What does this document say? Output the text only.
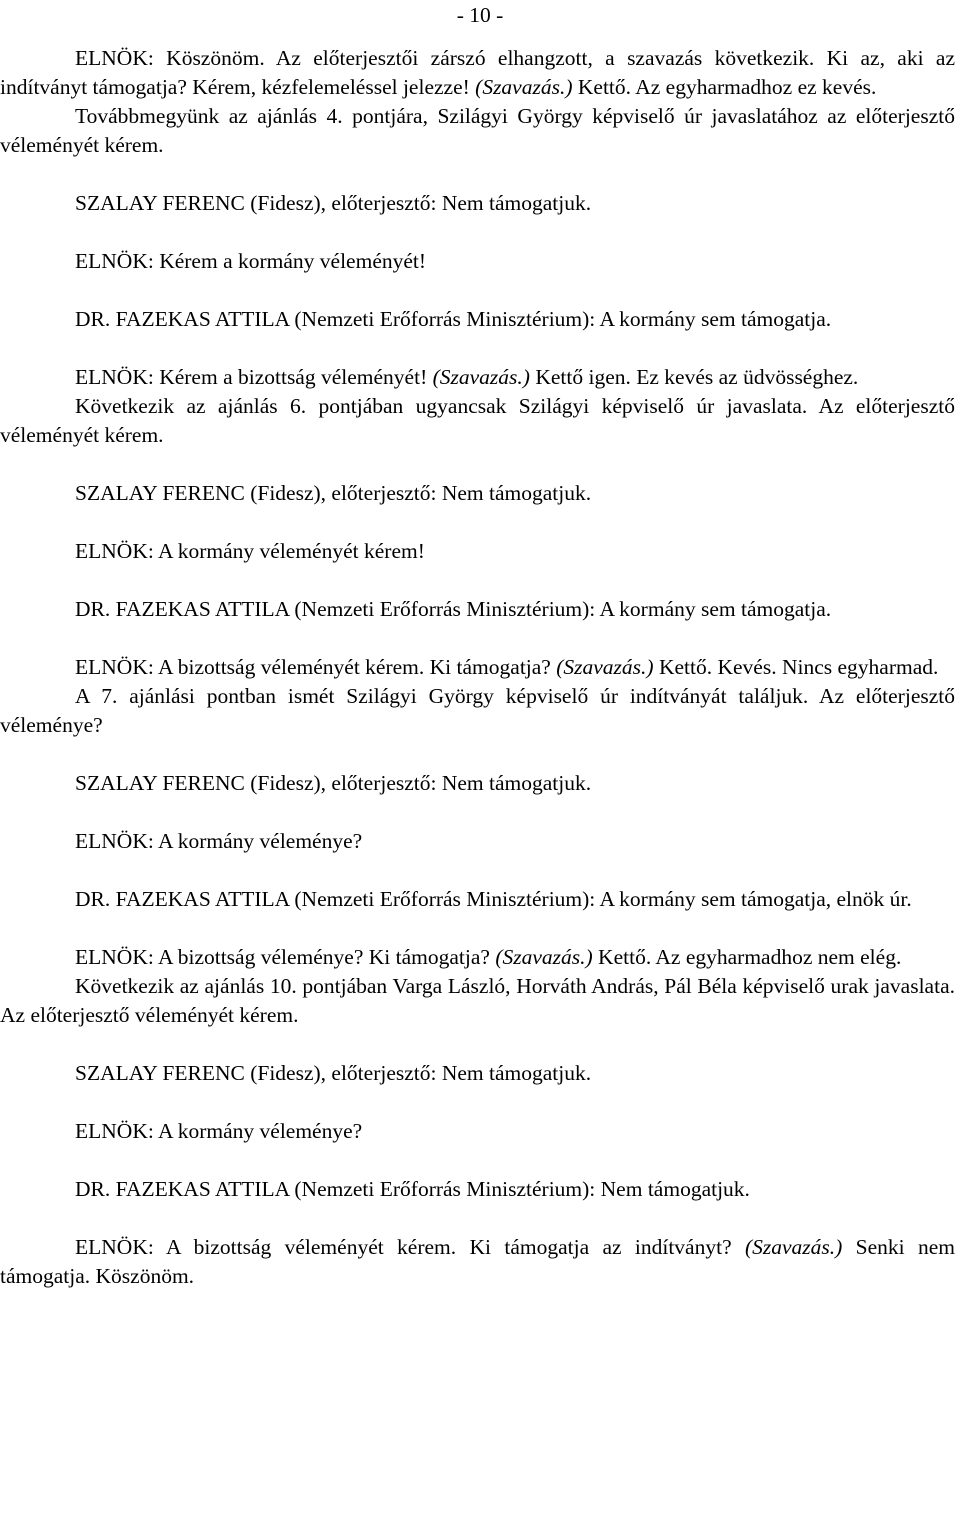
- 10 -

ELNÖK: Köszönöm. Az előterjesztői zárszó elhangzott, a szavazás következik. Ki az, aki az indítványt támogatja? Kérem, kézfelemeléssel jelezze! (Szavazás.) Kettő. Az egyharmadhoz ez kevés.

Továbbmegyünk az ajánlás 4. pontjára, Szilágyi György képviselő úr javaslatához az előterjesztő véleményét kérem.

SZALAY FERENC (Fidesz), előterjesztő: Nem támogatjuk.

ELNÖK: Kérem a kormány véleményét!

DR. FAZEKAS ATTILA (Nemzeti Erőforrás Minisztérium): A kormány sem támogatja.

ELNÖK: Kérem a bizottság véleményét! (Szavazás.) Kettő igen. Ez kevés az üdvösséghez.

Következik az ajánlás 6. pontjában ugyancsak Szilágyi képviselő úr javaslata. Az előterjesztő véleményét kérem.

SZALAY FERENC (Fidesz), előterjesztő: Nem támogatjuk.

ELNÖK: A kormány véleményét kérem!

DR. FAZEKAS ATTILA (Nemzeti Erőforrás Minisztérium): A kormány sem támogatja.

ELNÖK: A bizottság véleményét kérem. Ki támogatja? (Szavazás.) Kettő. Kevés. Nincs egyharmad.

A 7. ajánlási pontban ismét Szilágyi György képviselő úr indítványát találjuk. Az előterjesztő véleménye?

SZALAY FERENC (Fidesz), előterjesztő: Nem támogatjuk.

ELNÖK: A kormány véleménye?

DR. FAZEKAS ATTILA (Nemzeti Erőforrás Minisztérium): A kormány sem támogatja, elnök úr.

ELNÖK: A bizottság véleménye? Ki támogatja? (Szavazás.) Kettő. Az egyharmadhoz nem elég.

Következik az ajánlás 10. pontjában Varga László, Horváth András, Pál Béla képviselő urak javaslata. Az előterjesztő véleményét kérem.

SZALAY FERENC (Fidesz), előterjesztő: Nem támogatjuk.

ELNÖK: A kormány véleménye?

DR. FAZEKAS ATTILA (Nemzeti Erőforrás Minisztérium): Nem támogatjuk.

ELNÖK: A bizottság véleményét kérem. Ki támogatja az indítványt? (Szavazás.) Senki nem támogatja. Köszönöm.
